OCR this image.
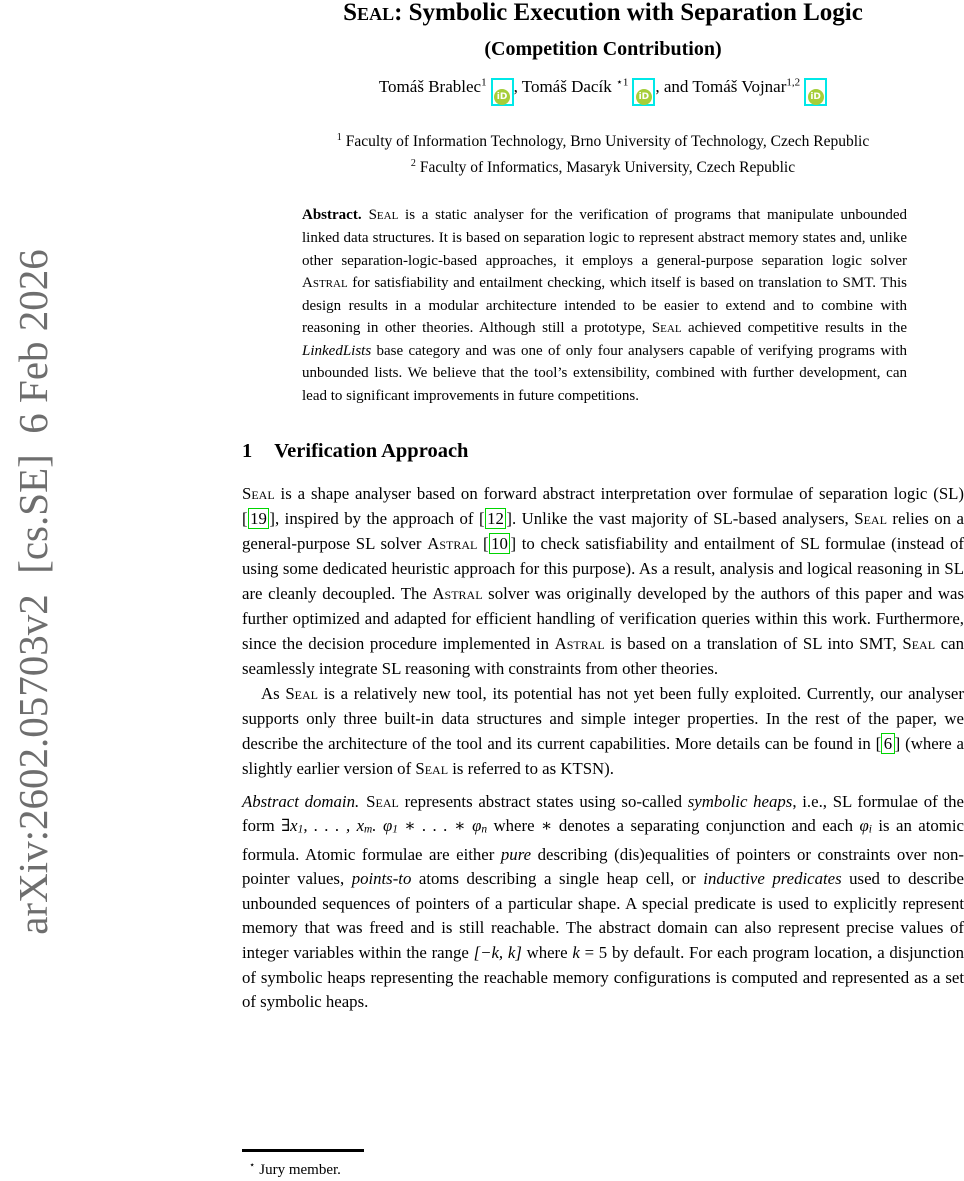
arXiv:2602.05703v2  [cs.SE]  6 Feb 2026
Seal: Symbolic Execution with Separation Logic
(Competition Contribution)
Tomáš Brablec$^1$iD, Tomáš Dacík $^{⋆1}$iD, and Tomáš Vojnar$^{1,2}$iD
$^1$ Faculty of Information Technology, Brno University of Technology, Czech Republic
$^2$ Faculty of Informatics, Masaryk University, Czech Republic
Abstract. Seal is a static analyser for the verification of programs that manipulate unbounded linked data structures. It is based on separation logic to represent abstract memory states and, unlike other separation-logic-based approaches, it employs a general-purpose separation logic solver Astral for satisfiability and entailment checking, which itself is based on translation to SMT. This design results in a modular architecture intended to be easier to extend and to combine with reasoning in other theories. Although still a prototype, Seal achieved competitive results in the LinkedLists base category and was one of only four analysers capable of verifying programs with unbounded lists. We believe that the tool’s extensibility, combined with further development, can lead to significant improvements in future competitions.
1 Verification Approach
Seal is a shape analyser based on forward abstract interpretation over formulae of separation logic (SL) [ 19 ], inspired by the approach of [ 12 ]. Unlike the vast majority of SL-based analysers, Seal relies on a general-purpose SL solver Astral [ 10 ] to check satisfiability and entailment of SL formulae (instead of using some dedicated heuristic approach for this purpose). As a result, analysis and logical reasoning in SL are cleanly decoupled. The Astral solver was originally developed by the authors of this paper and was further optimized and adapted for efficient handling of verification queries within this work. Furthermore, since the decision procedure implemented in Astral is based on a translation of SL into SMT, Seal can seamlessly integrate SL reasoning with constraints from other theories.
As Seal is a relatively new tool, its potential has not yet been fully exploited. Currently, our analyser supports only three built-in data structures and simple integer properties. In the rest of the paper, we describe the architecture of the tool and its current capabilities. More details can be found in [ 6 ] (where a slightly earlier version of Seal is referred to as KTSN).
Abstract domain. Seal represents abstract states using so-called symbolic heaps, i.e., SL formulae of the form ∃x1, . . . , xm. φ1 ∗ . . . ∗ φn where ∗ denotes a separating conjunction and each φi is an atomic formula. Atomic formulae are either pure describing (dis)equalities of pointers or constraints over non-pointer values, points-to atoms describing a single heap cell, or inductive predicates used to describe unbounded sequences of pointers of a particular shape. A special predicate is used to explicitly represent memory that was freed and is still reachable. The abstract domain can also represent precise values of integer variables within the range [−k, k] where k = 5 by default. For each program location, a disjunction of symbolic heaps representing the reachable memory configurations is computed and represented as a set of symbolic heaps.
⋆ Jury member.
